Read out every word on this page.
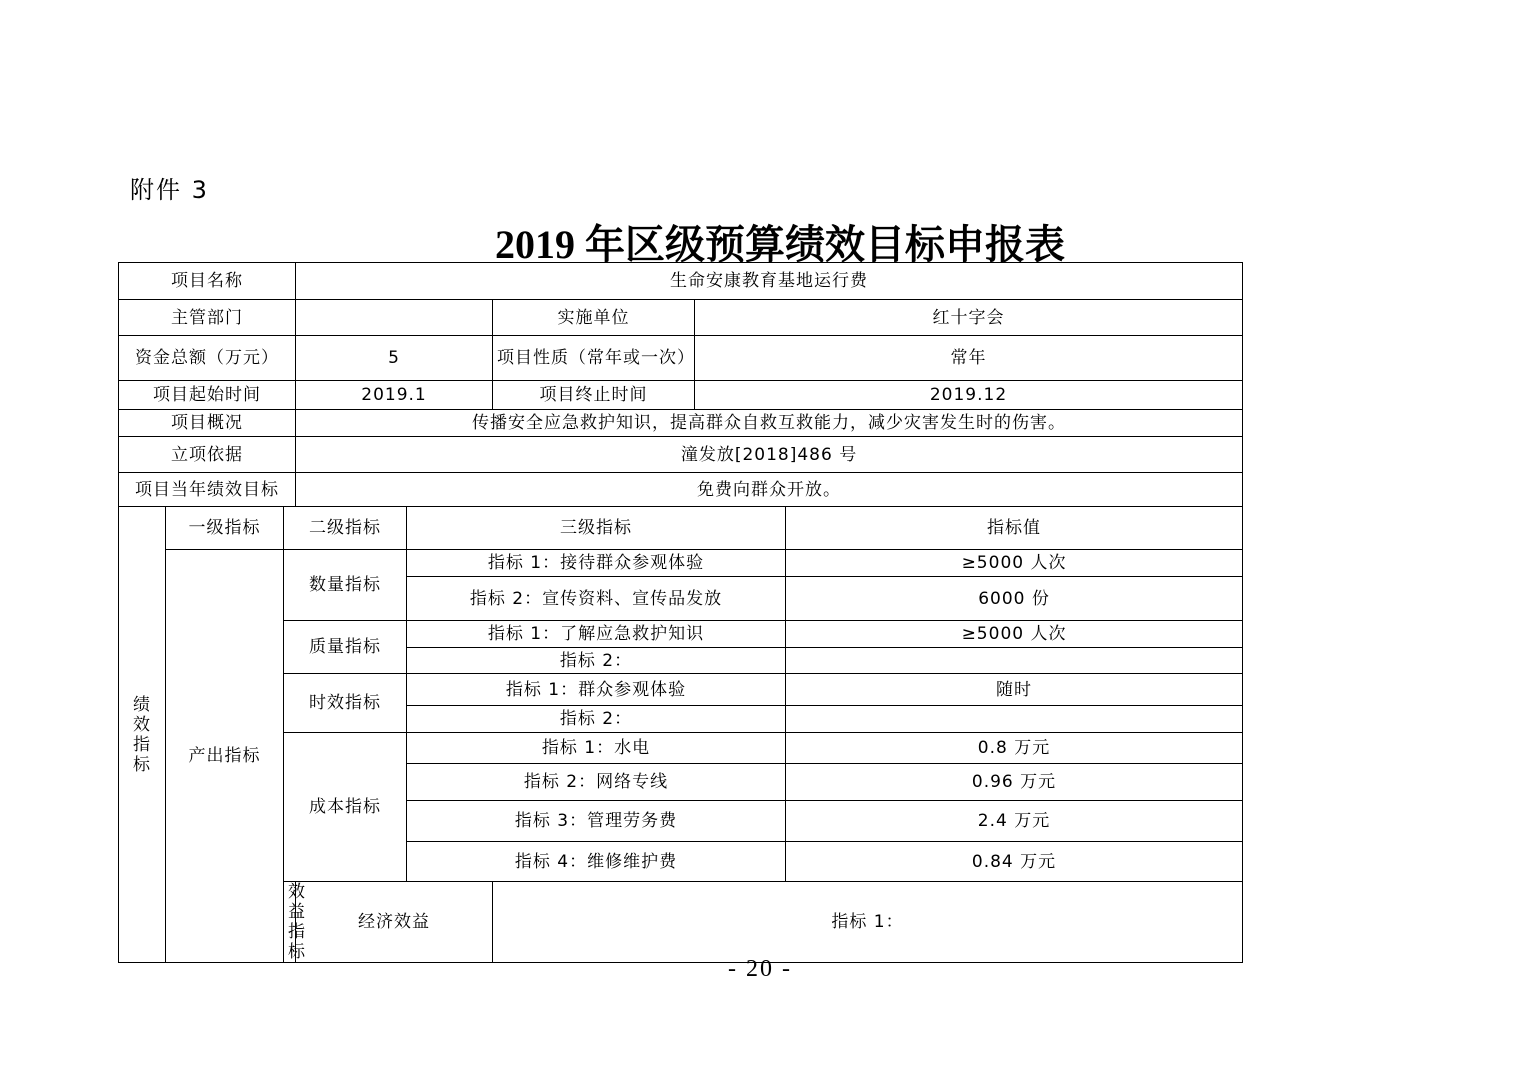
附件 3
2019 年区级预算绩效目标申报表
项目名称			生命安康教育基地运行费					
主管部门					实施单位	红十字会		
资金总额（万元）			5		项目性质（常年或一次）	常年		
项目起始时间			2019.1		项目终止时间	2019.12		
项目概况			传播安全应急救护知识，提高群众自救互救能力，减少灾害发生时的伤害。					
立项依据			潼发放[2018]486 号					
项目当年绩效目标			免费向群众开放。					

绩
效
指
标	一级指标	二级指标		三级指标			指标值	
	产出指标	数量指标		指标 1：接待群众参观体验			≥5000 人次	
				指标 2：宣传资料、宣传品发放			6000 份	
		质量指标		指标 1：了解应急救护知识			≥5000 人次	
				指标 2：				
		时效指标		指标 1：群众参观体验			随时	
				指标 2：				
		成本指标		指标 1：水电			0.8 万元	
				指标 2：网络专线			0.96 万元	
				指标 3：管理劳务费			2.4 万元	
				指标 4：维修维护费			0.84 万元	
		效益指标	经济效益		指标 1：			
- 20 -
